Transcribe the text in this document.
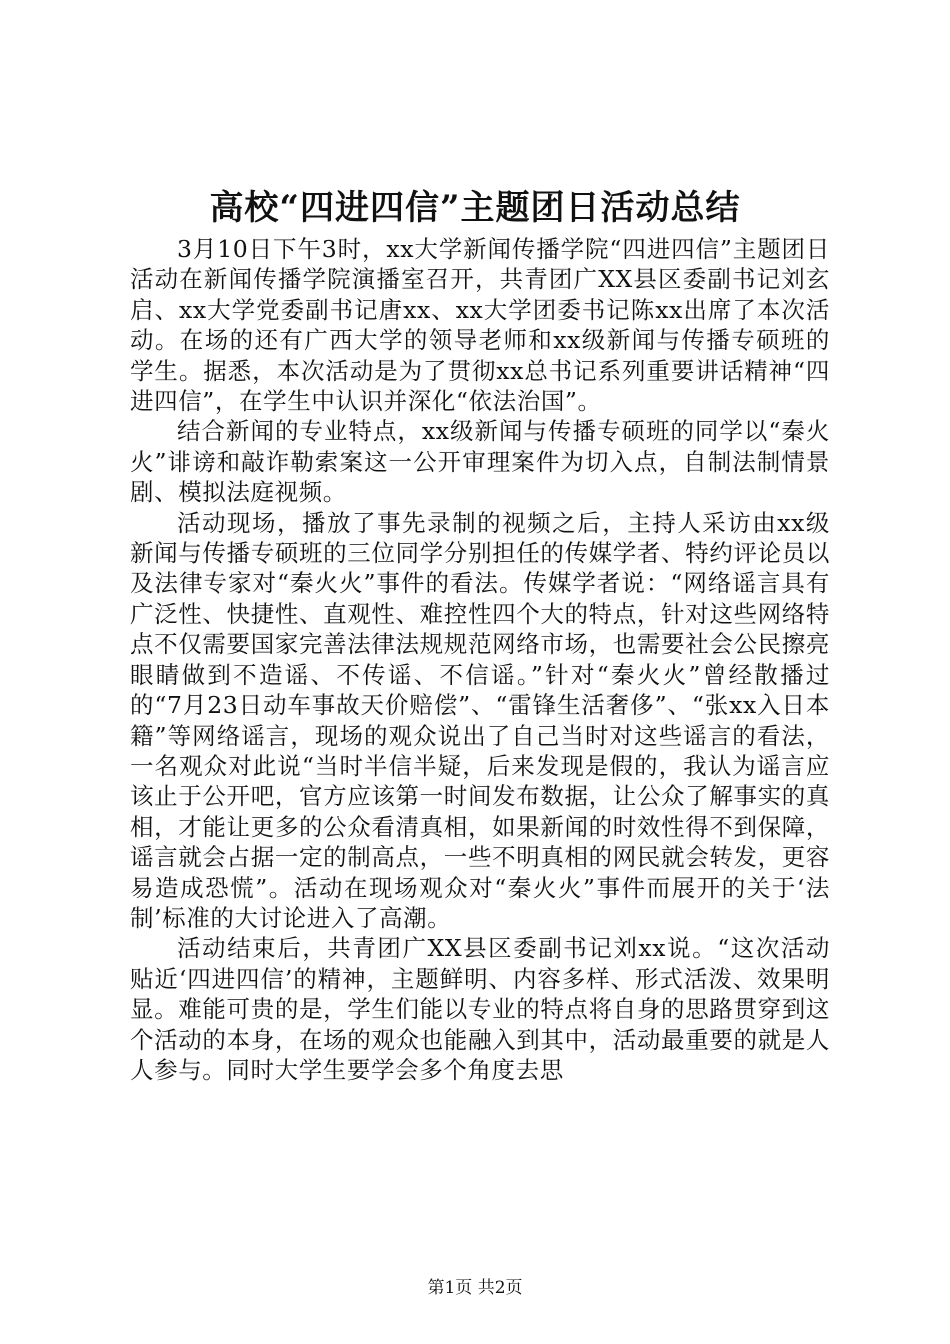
高校“四进四信”主题团日活动总结

3月10日下午3时，xx大学新闻传播学院“四进四信”主题团日活动在新闻传播学院演播室召开，共青团广XX县区委副书记刘玄启、xx大学党委副书记唐xx、xx大学团委书记陈xx出席了本次活动。在场的还有广西大学的领导老师和xx级新闻与传播专硕班的学生。据悉，本次活动是为了贯彻xx总书记系列重要讲话精神“四进四信”，在学生中认识并深化“依法治国”。

结合新闻的专业特点，xx级新闻与传播专硕班的同学以“秦火火”诽谤和敲诈勒索案这一公开审理案件为切入点，自制法制情景剧、模拟法庭视频。

活动现场，播放了事先录制的视频之后，主持人采访由xx级新闻与传播专硕班的三位同学分别担任的传媒学者、特约评论员以及法律专家对“秦火火”事件的看法。传媒学者说：“网络谣言具有广泛性、快捷性、直观性、难控性四个大的特点，针对这些网络特点不仅需要国家完善法律法规规范网络市场，也需要社会公民擦亮眼睛做到不造谣、不传谣、不信谣。”针对“秦火火”曾经散播过的“7月23日动车事故天价赔偿”、“雷锋生活奢侈”、“张xx入日本籍”等网络谣言，现场的观众说出了自己当时对这些谣言的看法，一名观众对此说“当时半信半疑，后来发现是假的，我认为谣言应该止于公开吧，官方应该第一时间发布数据，让公众了解事实的真相，才能让更多的公众看清真相，如果新闻的时效性得不到保障，谣言就会占据一定的制高点，一些不明真相的网民就会转发，更容易造成恐慌”。活动在现场观众对“秦火火”事件而展开的关于‘法制’标准的大讨论进入了高潮。

活动结束后，共青团广XX县区委副书记刘xx说。“这次活动贴近‘四进四信’的精神，主题鲜明、内容多样、形式活泼、效果明显。难能可贵的是，学生们能以专业的特点将自身的思路贯穿到这个活动的本身，在场的观众也能融入到其中，活动最重要的就是人人参与。同时大学生要学会多个角度去思

第1页 共2页
